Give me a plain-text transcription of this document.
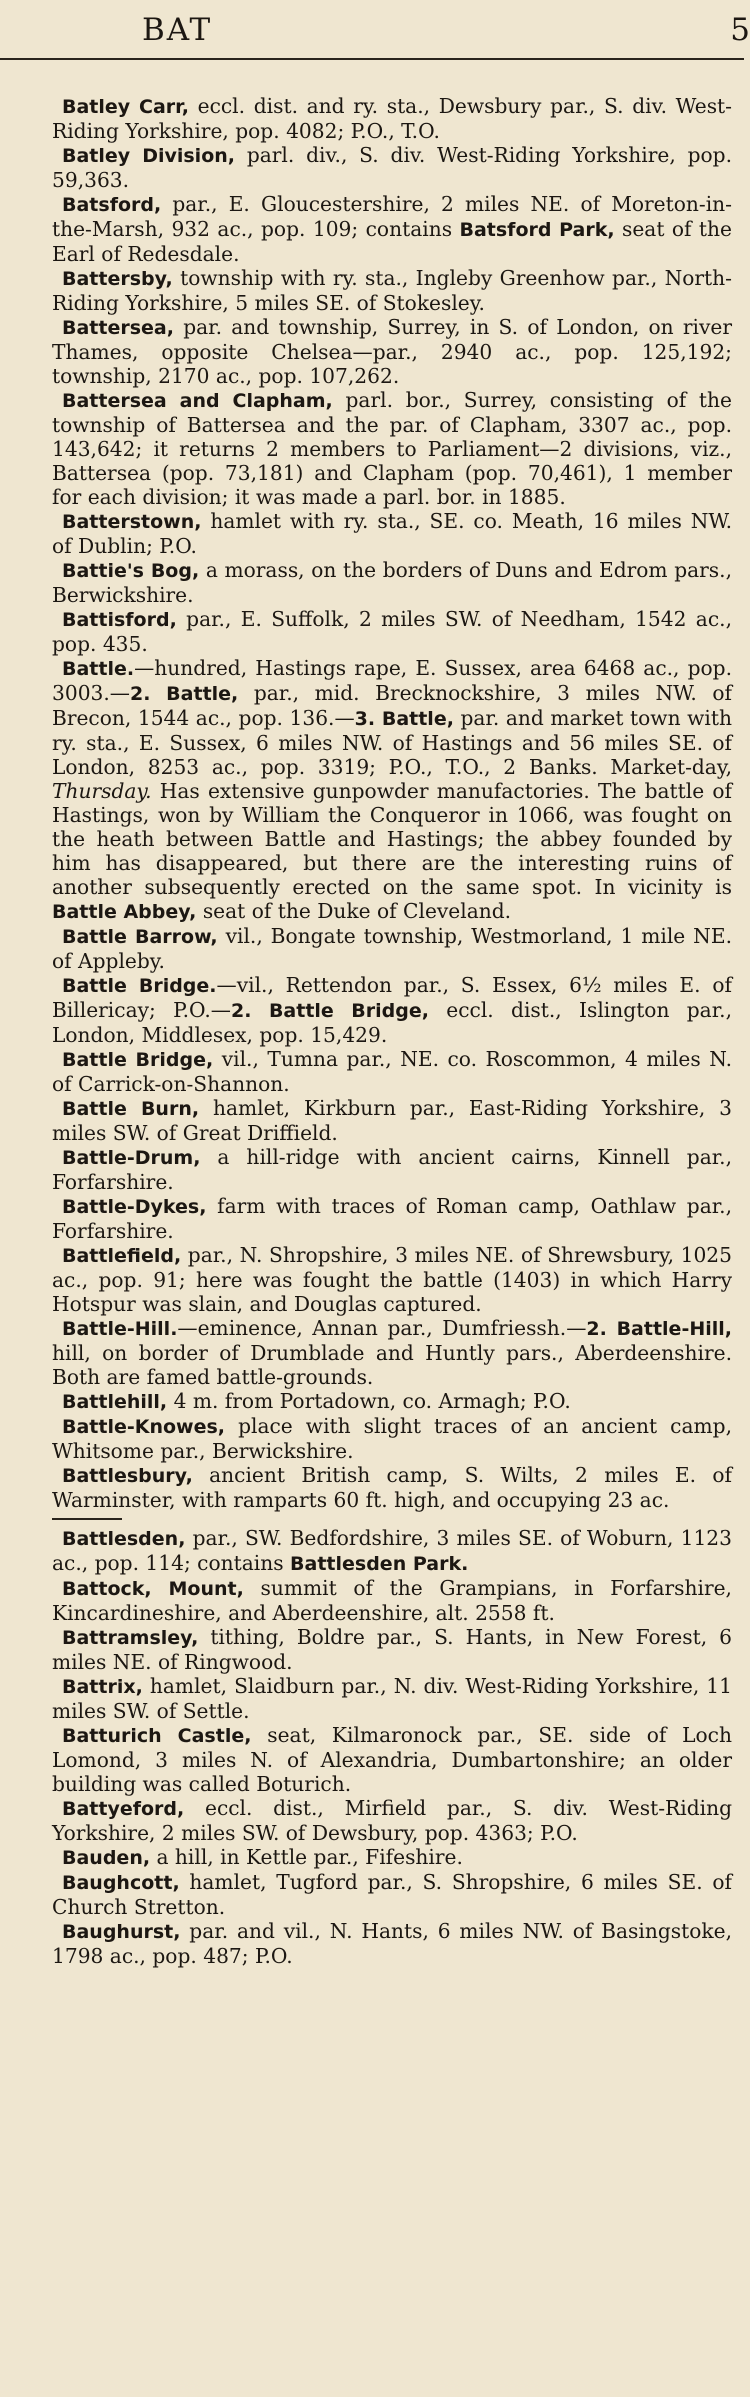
BAT	5

Batley Carr, eccl. dist. and ry. sta., Dewsbury par., S. div. West-Riding Yorkshire, pop. 4082; P.O., T.O.

Batley Division, parl. div., S. div. West-Riding Yorkshire, pop. 59,363.

Batsford, par., E. Gloucestershire, 2 miles NE. of Moreton-in-the-Marsh, 932 ac., pop. 109; contains Batsford Park, seat of the Earl of Redesdale.

Battersby, township with ry. sta., Ingleby Greenhow par., North-Riding Yorkshire, 5 miles SE. of Stokesley.

Battersea, par. and township, Surrey, in S. of London, on river Thames, opposite Chelsea—par., 2940 ac., pop. 125,192; township, 2170 ac., pop. 107,262.

Battersea and Clapham, parl. bor., Surrey, consisting of the township of Battersea and the par. of Clapham, 3307 ac., pop. 143,642; it returns 2 members to Parliament—2 divisions, viz., Battersea (pop. 73,181) and Clapham (pop. 70,461), 1 member for each division; it was made a parl. bor. in 1885.

Batterstown, hamlet with ry. sta., SE. co. Meath, 16 miles NW. of Dublin; P.O.

Battie's Bog, a morass, on the borders of Duns and Edrom pars., Berwickshire.

Battisford, par., E. Suffolk, 2 miles SW. of Needham, 1542 ac., pop. 435.

Battle.—hundred, Hastings rape, E. Sussex, area 6468 ac., pop. 3003.—2. Battle, par., mid. Brecknockshire, 3 miles NW. of Brecon, 1544 ac., pop. 136.—3. Battle, par. and market town with ry. sta., E. Sussex, 6 miles NW. of Hastings and 56 miles SE. of London, 8253 ac., pop. 3319; P.O., T.O., 2 Banks. Market-day, Thursday. Has extensive gunpowder manufactories. The battle of Hastings, won by William the Conqueror in 1066, was fought on the heath between Battle and Hastings; the abbey founded by him has disappeared, but there are the interesting ruins of another subsequently erected on the same spot. In vicinity is Battle Abbey, seat of the Duke of Cleveland.

Battle Barrow, vil., Bongate township, Westmorland, 1 mile NE. of Appleby.

Battle Bridge.—vil., Rettendon par., S. Essex, 6½ miles E. of Billericay; P.O.—2. Battle Bridge, eccl. dist., Islington par., London, Middlesex, pop. 15,429.

Battle Bridge, vil., Tumna par., NE. co. Roscommon, 4 miles N. of Carrick-on-Shannon.

Battle Burn, hamlet, Kirkburn par., East-Riding Yorkshire, 3 miles SW. of Great Driffield.

Battle-Drum, a hill-ridge with ancient cairns, Kinnell par., Forfarshire.

Battle-Dykes, farm with traces of Roman camp, Oathlaw par., Forfarshire.

Battlefield, par., N. Shropshire, 3 miles NE. of Shrewsbury, 1025 ac., pop. 91; here was fought the battle (1403) in which Harry Hotspur was slain, and Douglas captured.

Battle-Hill.—eminence, Annan par., Dumfriessh.—2. Battle-Hill, hill, on border of Drumblade and Huntly pars., Aberdeenshire. Both are famed battle-grounds.

Battlehill, 4 m. from Portadown, co. Armagh; P.O.

Battle-Knowes, place with slight traces of an ancient camp, Whitsome par., Berwickshire.

Battlesbury, ancient British camp, S. Wilts, 2 miles E. of Warminster, with ramparts 60 ft. high, and occupying 23 ac.

Battlesden, par., SW. Bedfordshire, 3 miles SE. of Woburn, 1123 ac., pop. 114; contains Battlesden Park.

Battock, Mount, summit of the Grampians, in Forfarshire, Kincardineshire, and Aberdeenshire, alt. 2558 ft.

Battramsley, tithing, Boldre par., S. Hants, in New Forest, 6 miles NE. of Ringwood.

Battrix, hamlet, Slaidburn par., N. div. West-Riding Yorkshire, 11 miles SW. of Settle.

Batturich Castle, seat, Kilmaronock par., SE. side of Loch Lomond, 3 miles N. of Alexandria, Dumbartonshire; an older building was called Boturich.

Battyeford, eccl. dist., Mirfield par., S. div. West-Riding Yorkshire, 2 miles SW. of Dewsbury, pop. 4363; P.O.

Bauden, a hill, in Kettle par., Fifeshire.

Baughcott, hamlet, Tugford par., S. Shropshire, 6 miles SE. of Church Stretton.

Baughurst, par. and vil., N. Hants, 6 miles NW. of Basingstoke, 1798 ac., pop. 487; P.O.
